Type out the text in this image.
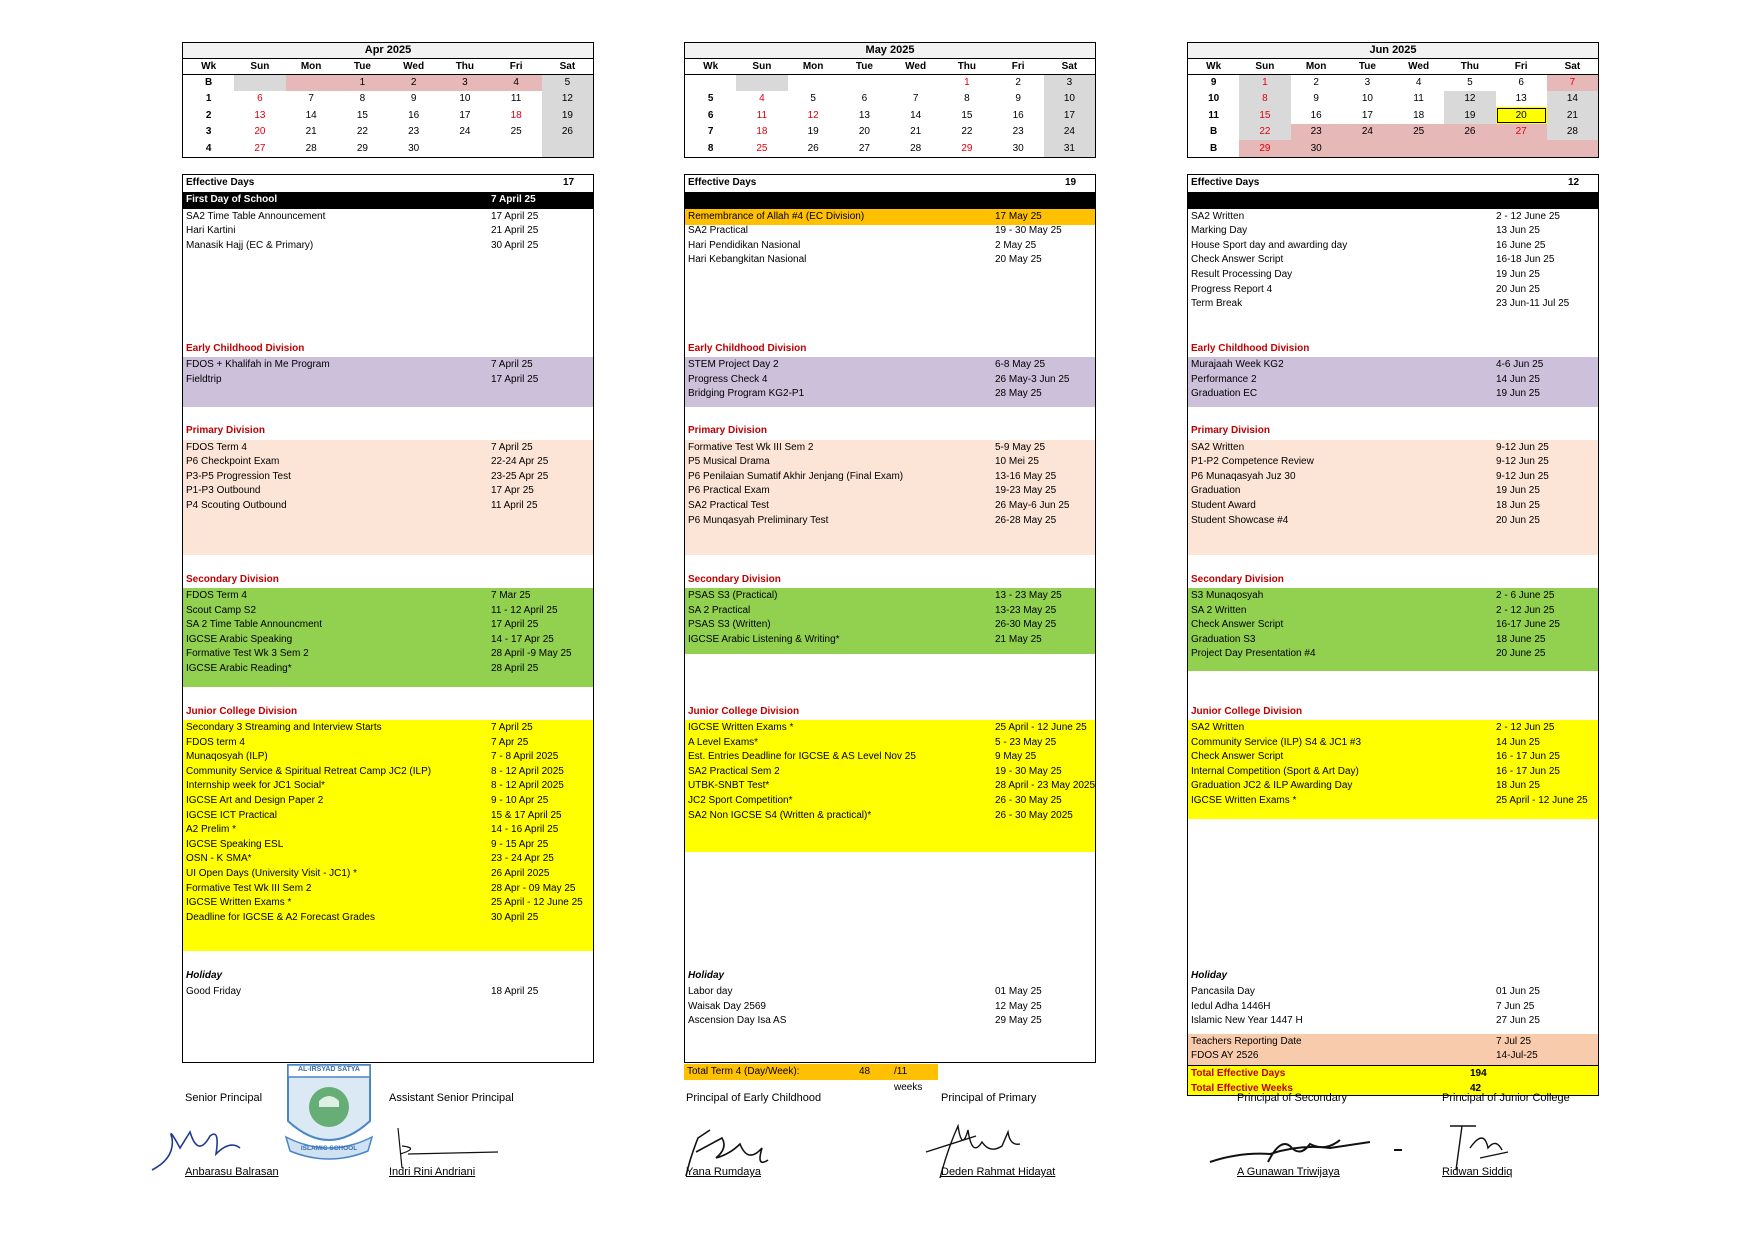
Apr 2025
Wk	Sun	Mon	Tue	Wed	Thu	Fri	Sat
B			1	2	3	4	5
1	6	7	8	9	10	11	12
2	13	14	15	16	17	18	19
3	20	21	22	23	24	25	26
4	27	28	29	30			
May 2025
Wk	Sun	Mon	Tue	Wed	Thu	Fri	Sat
					1	2	3
5	4	5	6	7	8	9	10
6	11	12	13	14	15	16	17
7	18	19	20	21	22	23	24
8	25	26	27	28	29	30	31
Jun 2025
Wk	Sun	Mon	Tue	Wed	Thu	Fri	Sat
9	1	2	3	4	5	6	7
10	8	9	10	11	12	13	14
11	15	16	17	18	19	20	21
B	22	23	24	25	26	27	28
B	29	30					
Effective Days	17
First Day of School	7 April 25
SA2 Time Table Announcement	17 April 25
Hari Kartini	21 April 25
Manasik Hajj (EC & Primary)	30 April 25
Early Childhood Division
FDOS + Khalifah in Me Program	7 April 25
Fieldtrip	17 April 25
Primary Division
FDOS Term 4	7 April 25
P6 Checkpoint Exam	22-24 Apr 25
P3-P5 Progression Test	23-25 Apr 25
P1-P3 Outbound	17 Apr 25
P4 Scouting Outbound	11 April 25
Secondary Division
FDOS Term 4	7 Mar 25
Scout Camp S2	11 - 12 April 25
SA 2 Time Table Announcment	17 April 25
IGCSE Arabic Speaking	14 - 17 Apr 25
Formative Test Wk 3 Sem 2	28 April -9 May 25
IGCSE Arabic Reading*	28 April 25
Junior College Division
Secondary 3 Streaming and Interview Starts	7 April 25
FDOS term 4	7 Apr 25
Munaqosyah (ILP)	7 - 8 April 2025
Community Service & Spiritual Retreat Camp JC2 (ILP)	8 - 12 April 2025
Internship week for JC1 Social*	8 - 12 April 2025
IGCSE Art and Design Paper 2	9 - 10 Apr 25
IGCSE ICT Practical	15 & 17 April 25
A2 Prelim *	14 - 16 April 25
IGCSE Speaking ESL	9 - 15 Apr 25
OSN - K SMA*	23 - 24 Apr 25
UI Open Days (University Visit - JC1) *	26 April 2025
Formative Test Wk III Sem 2	28 Apr - 09 May 25
IGCSE Written Exams *	25 April - 12 June 25
Deadline for IGCSE & A2 Forecast Grades	30 April 25
Holiday
Good Friday	18 April 25
Effective Days	19
Remembrance of Allah #4 (EC Division)	17 May 25
SA2 Practical	19 - 30 May 25
Hari Pendidikan Nasional	2 May 25
Hari Kebangkitan Nasional	20 May 25
Early Childhood Division
STEM Project Day 2	6-8 May 25
Progress Check 4	26 May-3 Jun 25
Bridging Program KG2-P1	28 May 25
Primary Division
Formative Test Wk III Sem 2	5-9 May 25
P5 Musical Drama	10 Mei 25
P6 Penilaian Sumatif Akhir Jenjang (Final Exam)	13-16 May 25
P6 Practical Exam	19-23 May 25
SA2 Practical Test	26 May-6 Jun 25
P6 Munqasyah Preliminary Test	26-28 May 25
Secondary Division
PSAS S3 (Practical)	13 - 23 May 25
SA 2 Practical	13-23 May 25
PSAS S3 (Written)	26-30 May 25
IGCSE Arabic Listening & Writing*	21 May 25
Junior College Division
IGCSE Written Exams *	25 April - 12 June 25
A Level Exams*	5 - 23 May 25
Est. Entries Deadline for IGCSE & AS Level Nov 25	9 May 25
SA2 Practical Sem 2	19 - 30 May 25
UTBK-SNBT Test*	28 April - 23 May 2025
JC2 Sport Competition*	26 - 30 May 25
SA2 Non IGCSE S4 (Written & practical)*	26 - 30 May 2025
Holiday
Labor day	01 May 25
Waisak Day 2569	12 May 25
Ascension Day Isa AS	29 May 25
Total Term 4 (Day/Week):	48 /11 weeks
Effective Days	12
SA2 Written	2 - 12 June 25
Marking Day	13 Jun 25
House Sport day and awarding day	16 June 25
Check Answer Script	16-18 Jun 25
Result Processing Day	19 Jun 25
Progress Report 4	20 Jun 25
Term Break	23 Jun-11 Jul 25
Early Childhood Division
Murajaah Week KG2	4-6 Jun 25
Performance 2	14 Jun 25
Graduation EC	19 Jun 25
Primary Division
SA2 Written	9-12 Jun 25
P1-P2 Competence Review	9-12 Jun 25
P6 Munaqasyah Juz 30	9-12 Jun 25
Graduation	19 Jun 25
Student Award	18 Jun 25
Student Showcase #4	20 Jun 25
Secondary Division
S3 Munaqosyah	2 - 6 June 25
SA 2 Written	2 - 12 Jun 25
Check Answer Script	16-17 June 25
Graduation S3	18 June 25
Project Day Presentation #4	20 June 25
Junior College Division
SA2 Written	2 - 12 Jun 25
Community Service (ILP) S4 & JC1 #3	14 Jun 25
Check Answer Script	16 - 17 Jun 25
Internal Competition (Sport & Art Day)	16 - 17 Jun 25
Graduation JC2 & ILP Awarding Day	18 Jun 25
IGCSE Written Exams *	25 April - 12 June 25
Holiday
Pancasila Day	01 Jun 25
Iedul Adha 1446H	7 Jun 25
Islamic New Year 1447 H	27 Jun 25
Teachers Reporting Date	7 Jul 25
FDOS AY 2526	14-Jul-25
Total Effective Days	194
Total Effective Weeks	42
AL-IRSYAD SATYA
ISLAMIC SCHOOL
Senior Principal	Assistant Senior Principal	Principal of Early Childhood	Principal of Primary	Principal of Secondary	Principal of Junior College
Anbarasu Balrasan	Indri Rini Andriani	Yana Rumdaya	Deden Rahmat Hidayat	A Gunawan Triwijaya	Ridwan Siddiq
